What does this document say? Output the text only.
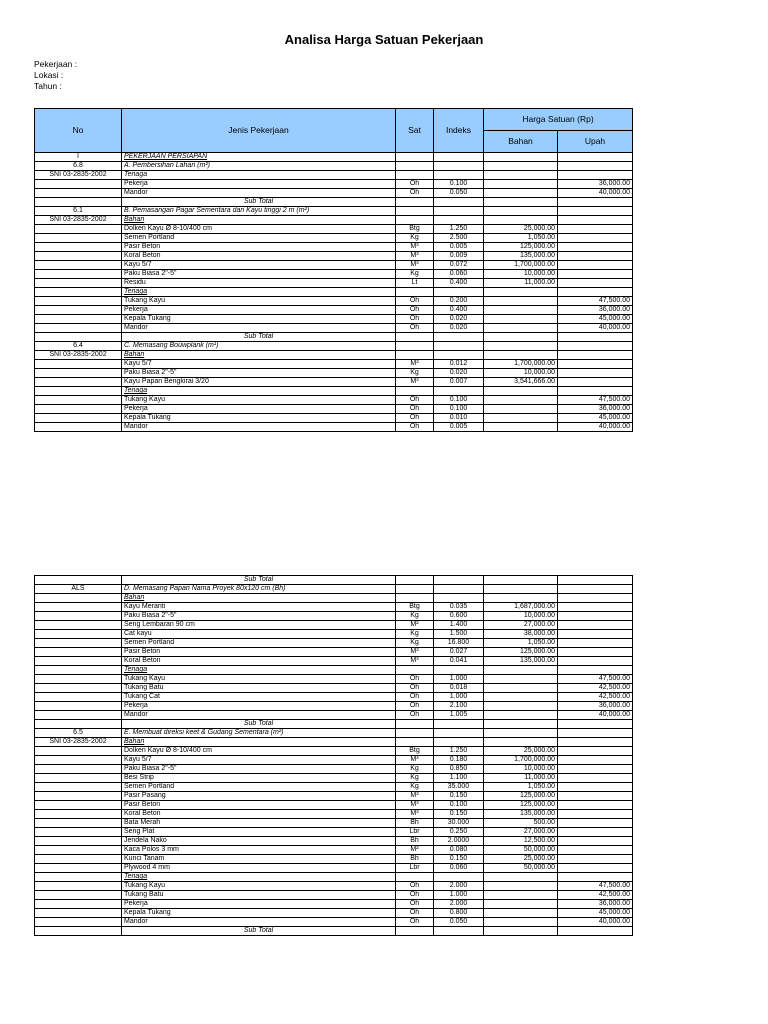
Analisa Harga Satuan Pekerjaan
Pekerjaan :
Lokasi :
Tahun :
No	Jenis Pekerjaan	Sat	Indeks	Harga Satuan (Rp)	
				Bahan	Upah
I	PEKERJAAN PERSIAPAN				
6.8	A. Pembersihan Lahan (m²)				
SNI 03-2835-2002	Tenaga				
	Pekerja	Oh	0.100		36,000.00
	Mandor	Oh	0.050		40,000.00
	Sub Total				
6.1	B. Pemasangan Pagar Sementara dari Kayu tinggi 2 m (m²)				
SNI 03-2835-2002	Bahan				
	Dolken Kayu Ø 8-10/400 cm	Btg	1.250	25,000.00	
	Semen Portland	Kg	2.500	1,050.00	
	Pasir Beton	M³	0.005	125,000.00	
	Koral Beton	M³	0.009	135,000.00	
	Kayu 5/7	M³	0.072	1,700,000.00	
	Paku Biasa 2"-5"	Kg	0.060	10,000.00	
	Residu	Lt	0.400	11,000.00	
	Tenaga				
	Tukang Kayu	Oh	0.200		47,500.00
	Pekerja	Oh	0.400		36,000.00
	Kepala Tukang	Oh	0.020		45,000.00
	Mandor	Oh	0.020		40,000.00
	Sub Total				
6.4	C. Memasang Bouwplank (m¹)				
SNI 03-2835-2002	Bahan				
	Kayu 5/7	M³	0.012	1,700,000.00	
	Paku Biasa 2"-5"	Kg	0.020	10,000.00	
	Kayu Papan Bengkirai 3/20	M³	0.007	3,541,666.00	
	Tenaga				
	Tukang Kayu	Oh	0.100		47,500.00
	Pekerja	Oh	0.100		36,000.00
	Kepala Tukang	Oh	0.010		45,000.00
	Mandor	Oh	0.005		40,000.00
	Sub Total				
ALS	D. Memasang Papan Nama Proyek 80x120 cm (Bh)				
	Bahan				
	Kayu Meranti	Btg	0.035	1,687,000.00	
	Paku Biasa 2"-5"	Kg	0.600	10,000.00	
	Seng Lembaran 90 cm	M²	1.400	27,000.00	
	Cat kayu	Kg	1.500	38,000.00	
	Semen Portland	Kg	16.800	1,050.00	
	Pasir Beton	M³	0.027	125,000.00	
	Koral Beton	M³	0.041	135,000.00	
	Tenaga				
	Tukang Kayu	Oh	1.000		47,500.00
	Tukang Batu	Oh	0.018		42,500.00
	Tukang Cat	Oh	1.000		42,500.00
	Pekerja	Oh	2.100		36,000.00
	Mandor	Oh	1.005		40,000.00
	Sub Total				
6.5	E. Membuat direksi keet & Gudang Sementara (m²)				
SNI 03-2835-2002	Bahan				
	Dolken Kayu Ø 8-10/400 cm	Btg	1.250	25,000.00	
	Kayu 5/7	M³	0.180	1,700,000.00	
	Paku Biasa 2"-5"	Kg	0.850	10,000.00	
	Besi Strip	Kg	1.100	11,000.00	
	Semen Portland	Kg	35.000	1,050.00	
	Pasir Pasang	M³	0.150	125,000.00	
	Pasir Beton	M³	0.100	125,000.00	
	Koral Beton	M³	0.150	135,000.00	
	Bata Merah	Bh	30.000	500.00	
	Seng Plat	Lbr	0.250	27,000.00	
	Jendela Nako	Bh	2.0000	12,500.00	
	Kaca Polos 3 mm	M²	0.080	50,000.00	
	Kunci Tanam	Bh	0.150	25,000.00	
	Plywood 4 mm	Lbr	0.060	50,000.00	
	Tenaga				
	Tukang Kayu	Oh	2.000		47,500.00
	Tukang Batu	Oh	1.000		42,500.00
	Pekerja	Oh	2.000		36,000.00
	Kepala Tukang	Oh	0.800		45,000.00
	Mandor	Oh	0.050		40,000.00
	Sub Total				
